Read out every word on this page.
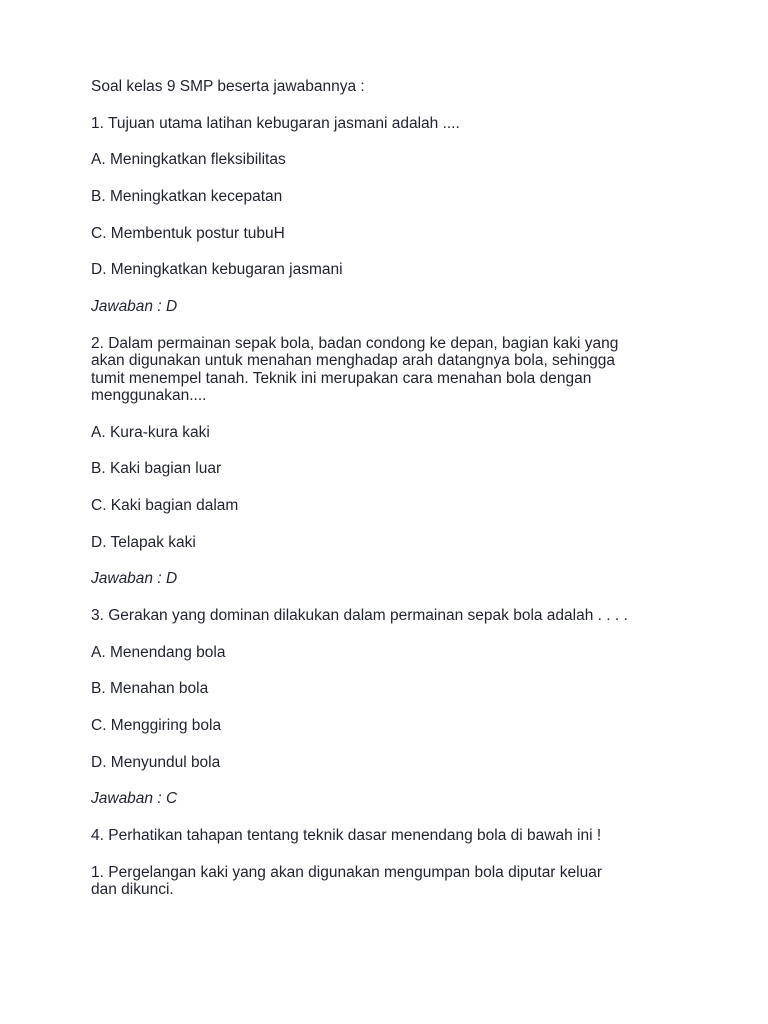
Soal kelas 9 SMP beserta jawabannya :

1. Tujuan utama latihan kebugaran jasmani adalah ....

A. Meningkatkan fleksibilitas

B. Meningkatkan kecepatan

C. Membentuk postur tubuH

D. Meningkatkan kebugaran jasmani

Jawaban : D

2. Dalam permainan sepak bola, badan condong ke depan, bagian kaki yang

akan digunakan untuk menahan menghadap arah datangnya bola, sehingga

tumit menempel tanah. Teknik ini merupakan cara menahan bola dengan

menggunakan....

A. Kura-kura kaki

B. Kaki bagian luar

C. Kaki bagian dalam

D. Telapak kaki

Jawaban : D

3. Gerakan yang dominan dilakukan dalam permainan sepak bola adalah . . . .

A. Menendang bola

B. Menahan bola

C. Menggiring bola

D. Menyundul bola

Jawaban : C

4. Perhatikan tahapan tentang teknik dasar menendang bola di bawah ini !

1. Pergelangan kaki yang akan digunakan mengumpan bola diputar keluar

dan dikunci.
